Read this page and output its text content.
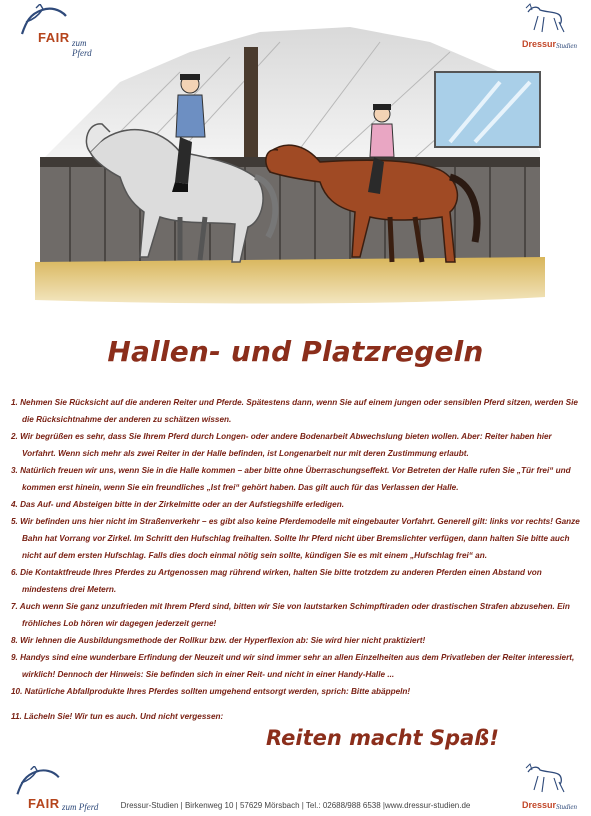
FAIR zum Pferd
Dressur Studien
Hallen- und Platzregeln
1. Nehmen Sie Rücksicht auf die anderen Reiter und Pferde. Spätestens dann, wenn Sie auf einem jungen oder sensiblen Pferd sitzen, werden Sie die Rücksichtnahme der anderen zu schätzen wissen.
2. Wir begrüßen es sehr, dass Sie Ihrem Pferd durch Longen- oder andere Bodenarbeit Abwechslung bieten wollen. Aber: Reiter haben hier Vorfahrt. Wenn sich mehr als zwei Reiter in der Halle befinden, ist Longenarbeit nur mit deren Zustimmung erlaubt.
3. Natürlich freuen wir uns, wenn Sie in die Halle kommen – aber bitte ohne Überraschungseffekt. Vor Betreten der Halle rufen Sie „Tür frei“ und kommen erst hinein, wenn Sie ein freundliches „Ist frei“ gehört haben. Das gilt auch für das Verlassen der Halle.
4. Das Auf- und Absteigen bitte in der Zirkelmitte oder an der Aufstiegshilfe erledigen.
5. Wir befinden uns hier nicht im Straßenverkehr – es gibt also keine Pferdemodelle mit eingebauter Vorfahrt. Generell gilt: links vor rechts! Ganze Bahn hat Vorrang vor Zirkel. Im Schritt den Hufschlag freihalten. Sollte Ihr Pferd nicht über Bremslichter verfügen, dann halten Sie bitte auch nicht auf dem ersten Hufschlag. Falls dies doch einmal nötig sein sollte, kündigen Sie es mit einem „Hufschlag frei“ an.
6. Die Kontaktfreude Ihres Pferdes zu Artgenossen mag rührend wirken, halten Sie bitte trotzdem zu anderen Pferden einen Abstand von mindestens drei Metern.
7. Auch wenn Sie ganz unzufrieden mit Ihrem Pferd sind, bitten wir Sie von lautstarken Schimpftiraden oder drastischen Strafen abzusehen. Ein fröhliches Lob hören wir dagegen jederzeit gerne!
8. Wir lehnen die Ausbildungsmethode der Rollkur bzw. der Hyperflexion ab: Sie wird hier nicht praktiziert!
9. Handys sind eine wunderbare Erfindung der Neuzeit und wir sind immer sehr an allen Einzelheiten aus dem Privatleben der Reiter interessiert, wirklich! Dennoch der Hinweis: Sie befinden sich in einer Reit- und nicht in einer Handy-Halle ...
10. Natürliche Abfallprodukte Ihres Pferdes sollten umgehend entsorgt werden, sprich: Bitte abäppeln!
11. Lächeln Sie! Wir tun es auch. Und nicht vergessen:
Reiten macht Spaß!
FAIR zum Pferd	Dressur Studien
Dressur-Studien | Birkenweg 10 | 57629 Mörsbach | Tel.: 02688/988 6538 |www.dressur-studien.de
